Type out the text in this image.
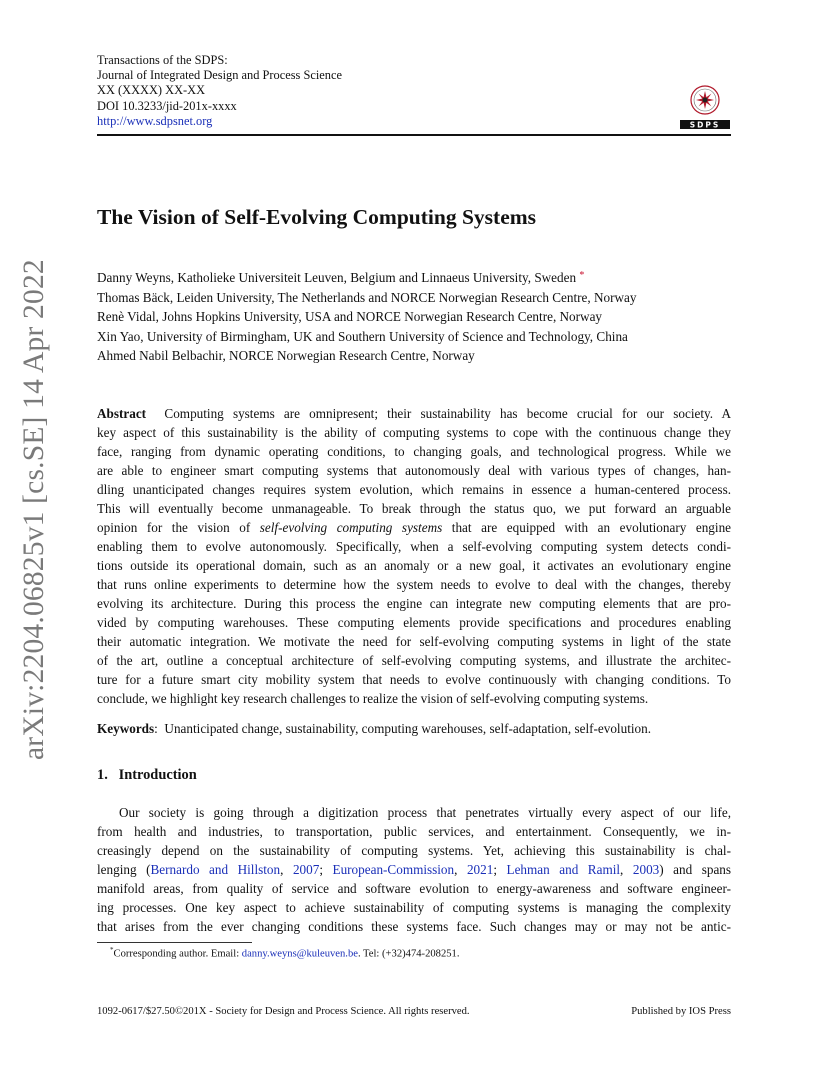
arXiv:2204.06825v1 [cs.SE] 14 Apr 2022
Transactions of the SDPS:
Journal of Integrated Design and Process Science
XX (XXXX) XX-XX
DOI 10.3233/jid-201x-xxxx
http://www.sdpsnet.org	SDPS
The Vision of Self-Evolving Computing Systems
Danny Weyns, Katholieke Universiteit Leuven, Belgium and Linnaeus University, Sweden *
Thomas Bäck, Leiden University, The Netherlands and NORCE Norwegian Research Centre, Norway
Renè Vidal, Johns Hopkins University, USA and NORCE Norwegian Research Centre, Norway
Xin Yao, University of Birmingham, UK and Southern University of Science and Technology, China
Ahmed Nabil Belbachir, NORCE Norwegian Research Centre, Norway
Abstract Computing systems are omnipresent; their sustainability has become crucial for our society. A
key aspect of this sustainability is the ability of computing systems to cope with the continuous change they
face, ranging from dynamic operating conditions, to changing goals, and technological progress. While we
are able to engineer smart computing systems that autonomously deal with various types of changes, han-
dling unanticipated changes requires system evolution, which remains in essence a human-centered process.
This will eventually become unmanageable. To break through the status quo, we put forward an arguable
opinion for the vision of self-evolving computing systems that are equipped with an evolutionary engine
enabling them to evolve autonomously. Specifically, when a self-evolving computing system detects condi-
tions outside its operational domain, such as an anomaly or a new goal, it activates an evolutionary engine
that runs online experiments to determine how the system needs to evolve to deal with the changes, thereby
evolving its architecture. During this process the engine can integrate new computing elements that are pro-
vided by computing warehouses. These computing elements provide specifications and procedures enabling
their automatic integration. We motivate the need for self-evolving computing systems in light of the state
of the art, outline a conceptual architecture of self-evolving computing systems, and illustrate the architec-
ture for a future smart city mobility system that needs to evolve continuously with changing conditions. To
conclude, we highlight key research challenges to realize the vision of self-evolving computing systems.
Keywords:  Unanticipated change, sustainability, computing warehouses, self-adaptation, self-evolution.
1. Introduction
Our society is going through a digitization process that penetrates virtually every aspect of our life,
from health and industries, to transportation, public services, and entertainment. Consequently, we in-
creasingly depend on the sustainability of computing systems. Yet, achieving this sustainability is chal-
lenging (Bernardo and Hillston, 2007; European-Commission, 2021; Lehman and Ramil, 2003) and spans
manifold areas, from quality of service and software evolution to energy-awareness and software engineer-
ing processes. One key aspect to achieve sustainability of computing systems is managing the complexity
that arises from the ever changing conditions these systems face. Such changes may or may not be antic-
*Corresponding author. Email: danny.weyns@kuleuven.be. Tel: (+32)474-208251.
1092-0617/$27.50©201X - Society for Design and Process Science. All rights reserved.	Published by IOS Press
